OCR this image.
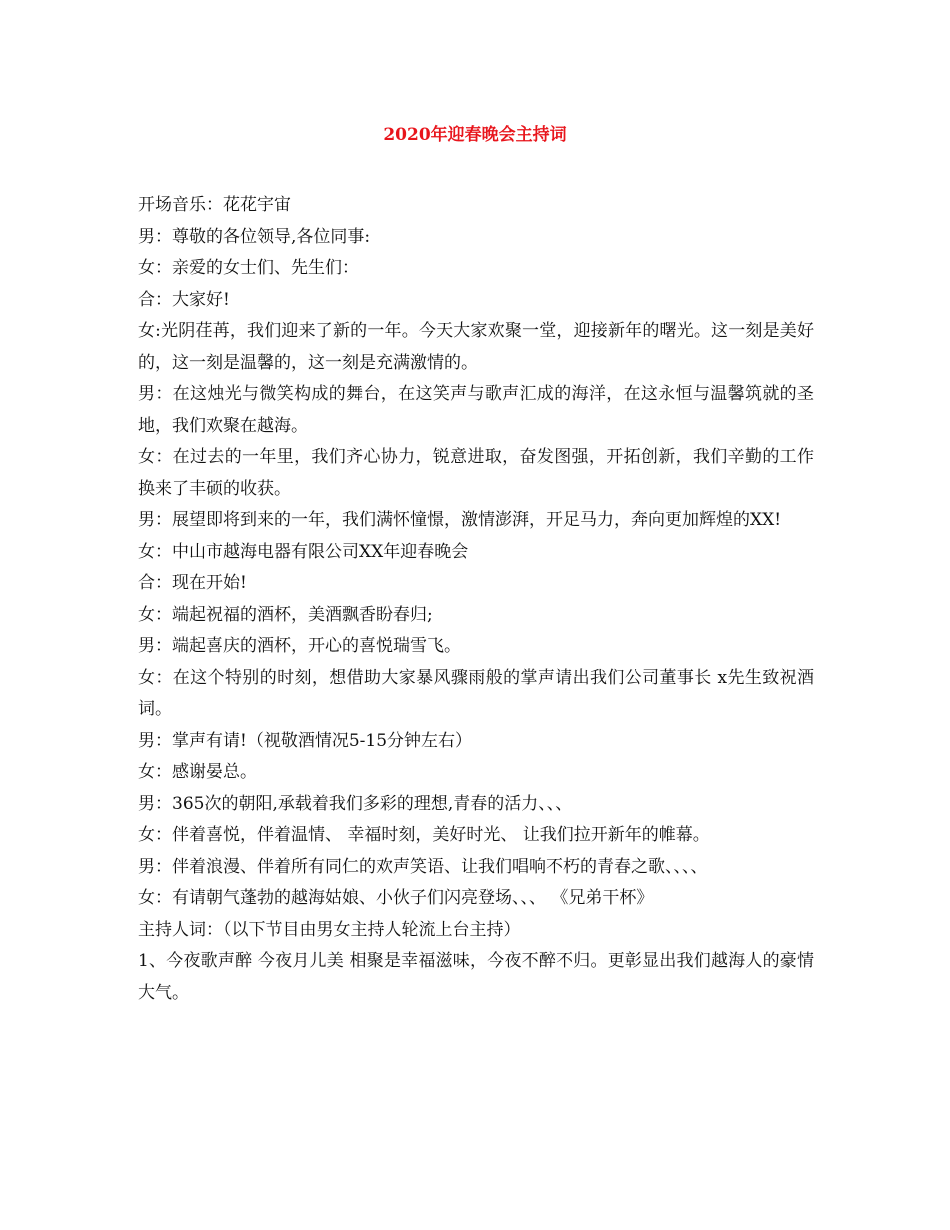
2020年迎春晚会主持词

开场音乐：花花宇宙

男：尊敬的各位领导,各位同事:

女：亲爱的女士们、先生们：

合：大家好!

女:光阴荏苒，我们迎来了新的一年。今天大家欢聚一堂，迎接新年的曙光。这一刻是美好的，这一刻是温馨的，这一刻是充满激情的。

男：在这烛光与微笑构成的舞台，在这笑声与歌声汇成的海洋，在这永恒与温馨筑就的圣地，我们欢聚在越海。

女：在过去的一年里，我们齐心协力，锐意进取，奋发图强，开拓创新，我们辛勤的工作换来了丰硕的收获。

男：展望即将到来的一年，我们满怀憧憬，激情澎湃，开足马力，奔向更加辉煌的XX!

女：中山市越海电器有限公司XX年迎春晚会

合：现在开始!

女：端起祝福的酒杯，美酒飘香盼春归;

男：端起喜庆的酒杯，开心的喜悦瑞雪飞。

女：在这个特别的时刻，想借助大家暴风骤雨般的掌声请出我们公司董事长 x先生致祝酒词。

男：掌声有请!（视敬酒情况5-15分钟左右）

女：感谢晏总。

男：365次的朝阳,承载着我们多彩的理想,青春的活力、、、

女：伴着喜悦，伴着温情、 幸福时刻，美好时光、 让我们拉开新年的帷幕。

男：伴着浪漫、伴着所有同仁的欢声笑语、让我们唱响不朽的青春之歌、、、、

女：有请朝气蓬勃的越海姑娘、小伙子们闪亮登场、、、 《兄弟干杯》

主持人词：（以下节目由男女主持人轮流上台主持）

1、今夜歌声醉 今夜月儿美 相聚是幸福滋味，今夜不醉不归。更彰显出我们越海人的豪情大气。
